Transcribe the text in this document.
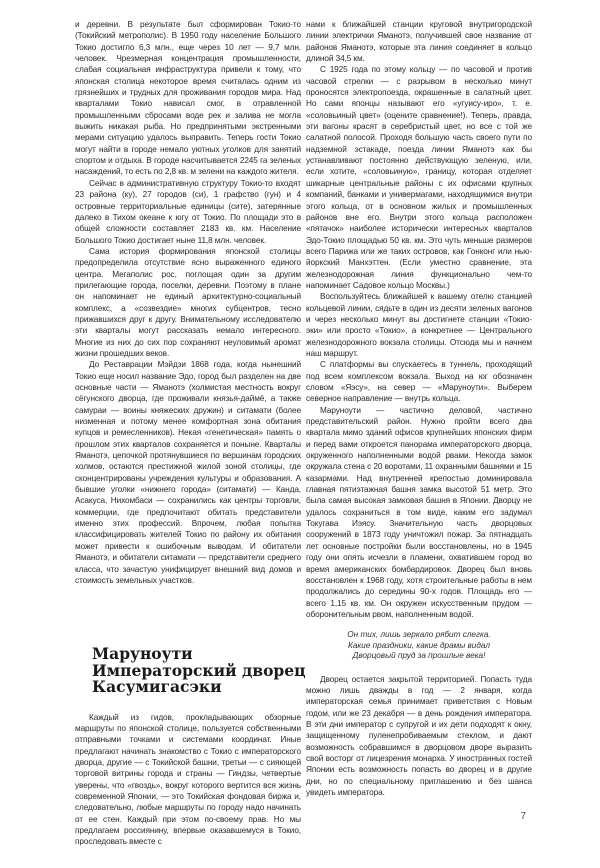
и деревни. В результате был сформирован Токио-то (Токийский метрополис). В 1950 году население Большого Токио достигло 6,3 млн., еще через 10 лет — 9,7 млн. человек. Чрезмерная концентрация промышленности, слабая социальная инфраструктура привели к тому, что японская столица некоторое время считалась одним из грязнейших и трудных для проживания городов мира. Над кварталами Токио нависал смог, в отравленной промышленными сбросами воде рек и залива не могла выжить никакая рыба. Но предпринятыми экстренными мерами ситуацию удалось выправить. Теперь гости Токио могут найти в городе немало уютных уголков для занятий спортом и отдыха. В городе насчитывается 2245 га зеленых насаждений, то есть по 2,8 кв. м зелени на каждого жителя.

Сейчас в административную структуру Токио-то входят 23 района (ку), 27 городов (си), 1 графство (гун) и 4 островные территориальные единицы (сите), затерянные далеко в Тихом океане к югу от Токио. По площади это в общей сложности составляет 2183 кв. км. Население Большого Токио достигает ныне 11,8 млн. человек.

Сама история формирования японской столицы предопределила отсутствие ясно выраженного единого центра. Мегаполис рос, поглощая один за другим прилегающие города, поселки, деревни. Поэтому в плане он напоминает не единый архитектурно-социальный комплекс, а «созвездие» многих субцентров, тесно прижавшихся друг к другу. Внимательному исследователю эти кварталы могут рассказать немало интересного. Многие из них до сих пор сохраняют неуловимый аромат жизни прошедших веков.

До Реставрации Мэйдзи 1868 года, когда нынешний Токио еще носил название Эдо, город был разделен на две основные части — Яманотэ (холмистая местность вокруг сёгунского дворца, где проживали князья-даймё, а также самураи — воины княжеских дружин) и ситамати (более низменная и потому менее комфортная зона обитания купцов и ремесленников). Некая «генетическая» память о прошлом этих кварталов сохраняется и поныне. Кварталы Яманотэ, цепочкой протянувшиеся по вершинам городских холмов, остаются престижной жилой зоной столицы, где сконцентрированы учреждения культуры и образования. А бывшие уголки «нижнего города» (ситамати) — Канда, Асакуса, Нихомбаси — сохранились как центры торговли, коммерции, где предпочитают обитать представители именно этих профессий. Впрочем, любая попытка классифицировать жителей Токио по району их обитания может привести к ошибочным выводам. И обитатели Яманотэ, и обитатели ситамати — представители среднего класса, что зачастую унифицирует внешний вид домов и стоимость земельных участков.

Маруноути
Императорский дворец
Касумигасэки

Каждый из гидов, прокладывающих обзорные маршруты по японской столице, пользуется собственными отправными точками и системами координат. Иные предлагают начинать знакомство с Токио с императорского дворца, другие — с Токийской башни, третьи — с сияющей торговой витрины города и страны — Гиндзы, четвертые уверены, что «гвоздь», вокруг которого вертится вся жизнь современной Японии, — это Токийская фондовая биржа и, следовательно, любые маршруты по городу надо начинать от ее стен. Каждый при этом по-своему прав. Но мы предлагаем россиянину, впервые оказавшемуся в Токио, проследовать вместе с

нами к ближайшей станции круговой внутригородской линии электрички Яманотэ, получившей свое название от районов Яманотэ, которые эта линия соединяет в кольцо длиной 34,5 км.

С 1925 года по этому кольцу — по часовой и против часовой стрелки — с разрывом в несколько минут проносятся электропоезда, окрашенные в салатный цвет. Но сами японцы называют его «угуису-иро», т. е. «соловьиный цвет» (оцените сравнение!). Теперь, правда, эти вагоны красят в серебристый цвет, но все с той же салатной полосой. Проходя большую часть своего пути по надземной эстакаде, поезда линии Яманотэ как бы устанавливают постоянно действующую зеленую, или, если хотите, «соловьиную», границу, которая отделяет шикарные центральные районы с их офисами крупных компаний, банками и универмагами, находящимися внутри этого кольца, от в основном жилых и промышленных районов вне его. Внутри этого кольца расположен «пятачок» наиболее исторически интересных кварталов Эдо-Токио площадью 50 кв. км. Это чуть меньше размеров всего Парижа или же таких островов, как Гонконг или нью-йоркский Манхэттен. (Если уместно сравнение, эта железнодорожная линия функционально чем-то напоминает Садовое кольцо Москвы.)

Воспользуйтесь ближайшей к вашему отелю станцией кольцевой линии, сядьте в один из десяти зеленых вагонов и через несколько минут вы достигнете станции «Токио-эки» или просто «Токио», а конкретнее — Центрального железнодорожного вокзала столицы. Отсюда мы и начнем наш маршрут.

С платформы вы спускаетесь в туннель, проходящий под всем комплексом вокзала. Выход на юг обозначен словом «Яэсу», на север — «Маруноути». Выберем северное направление — внутрь кольца.

Маруноути — частично деловой, частично представительский район. Нужно пройти всего два квартала мимо зданий офисов крупнейших японских фирм и перед вами откроется панорама императорского дворца, окруженного наполненными водой рвами. Некогда замок окружала стена с 20 воротами, 11 охранными башнями и 15 казармами. Над внутренней крепостью доминировала главная пятиэтажная башня замка высотой 51 метр. Это была самая высокая замковая башня в Японии. Дворцу не удалось сохраниться в том виде, каким его задумал Токугава Иэясу. Значительную часть дворцовых сооружений в 1873 году уничтожил пожар. За пятнадцать лет основные постройки были восстановлены, но в 1945 году они опять исчезли в пламени, охватившем город во время американских бомбардировок. Дворец был вновь восстановлен к 1968 году, хотя строительные работы в нем продолжались до середины 90-х годов. Площадь его — всего 1,15 кв. км. Он окружен искусственным прудом — оборонительным рвом, наполненным водой.

Он тих, лишь зеркало рябит слегка.
Какие праздники, какие драмы видал
Дворцовый пруд за прошлые века!

Дворец остается закрытой территорией. Попасть туда можно лишь дважды в год — 2 января, когда императорская семья принимает приветствия с Новым годом, или же 23 декабря — в день рождения императора. В эти дни император с супругой и их дети подходят к окну, защищенному пуленепробиваемым стеклом, и дают возможность собравшимся в дворцовом дворе выразить свой восторг от лицезрения монарха. У иностранных гостей Японии есть возможность попасть во дворец и в другие дни, но по специальному приглашению и без шанса увидеть императора.

7
